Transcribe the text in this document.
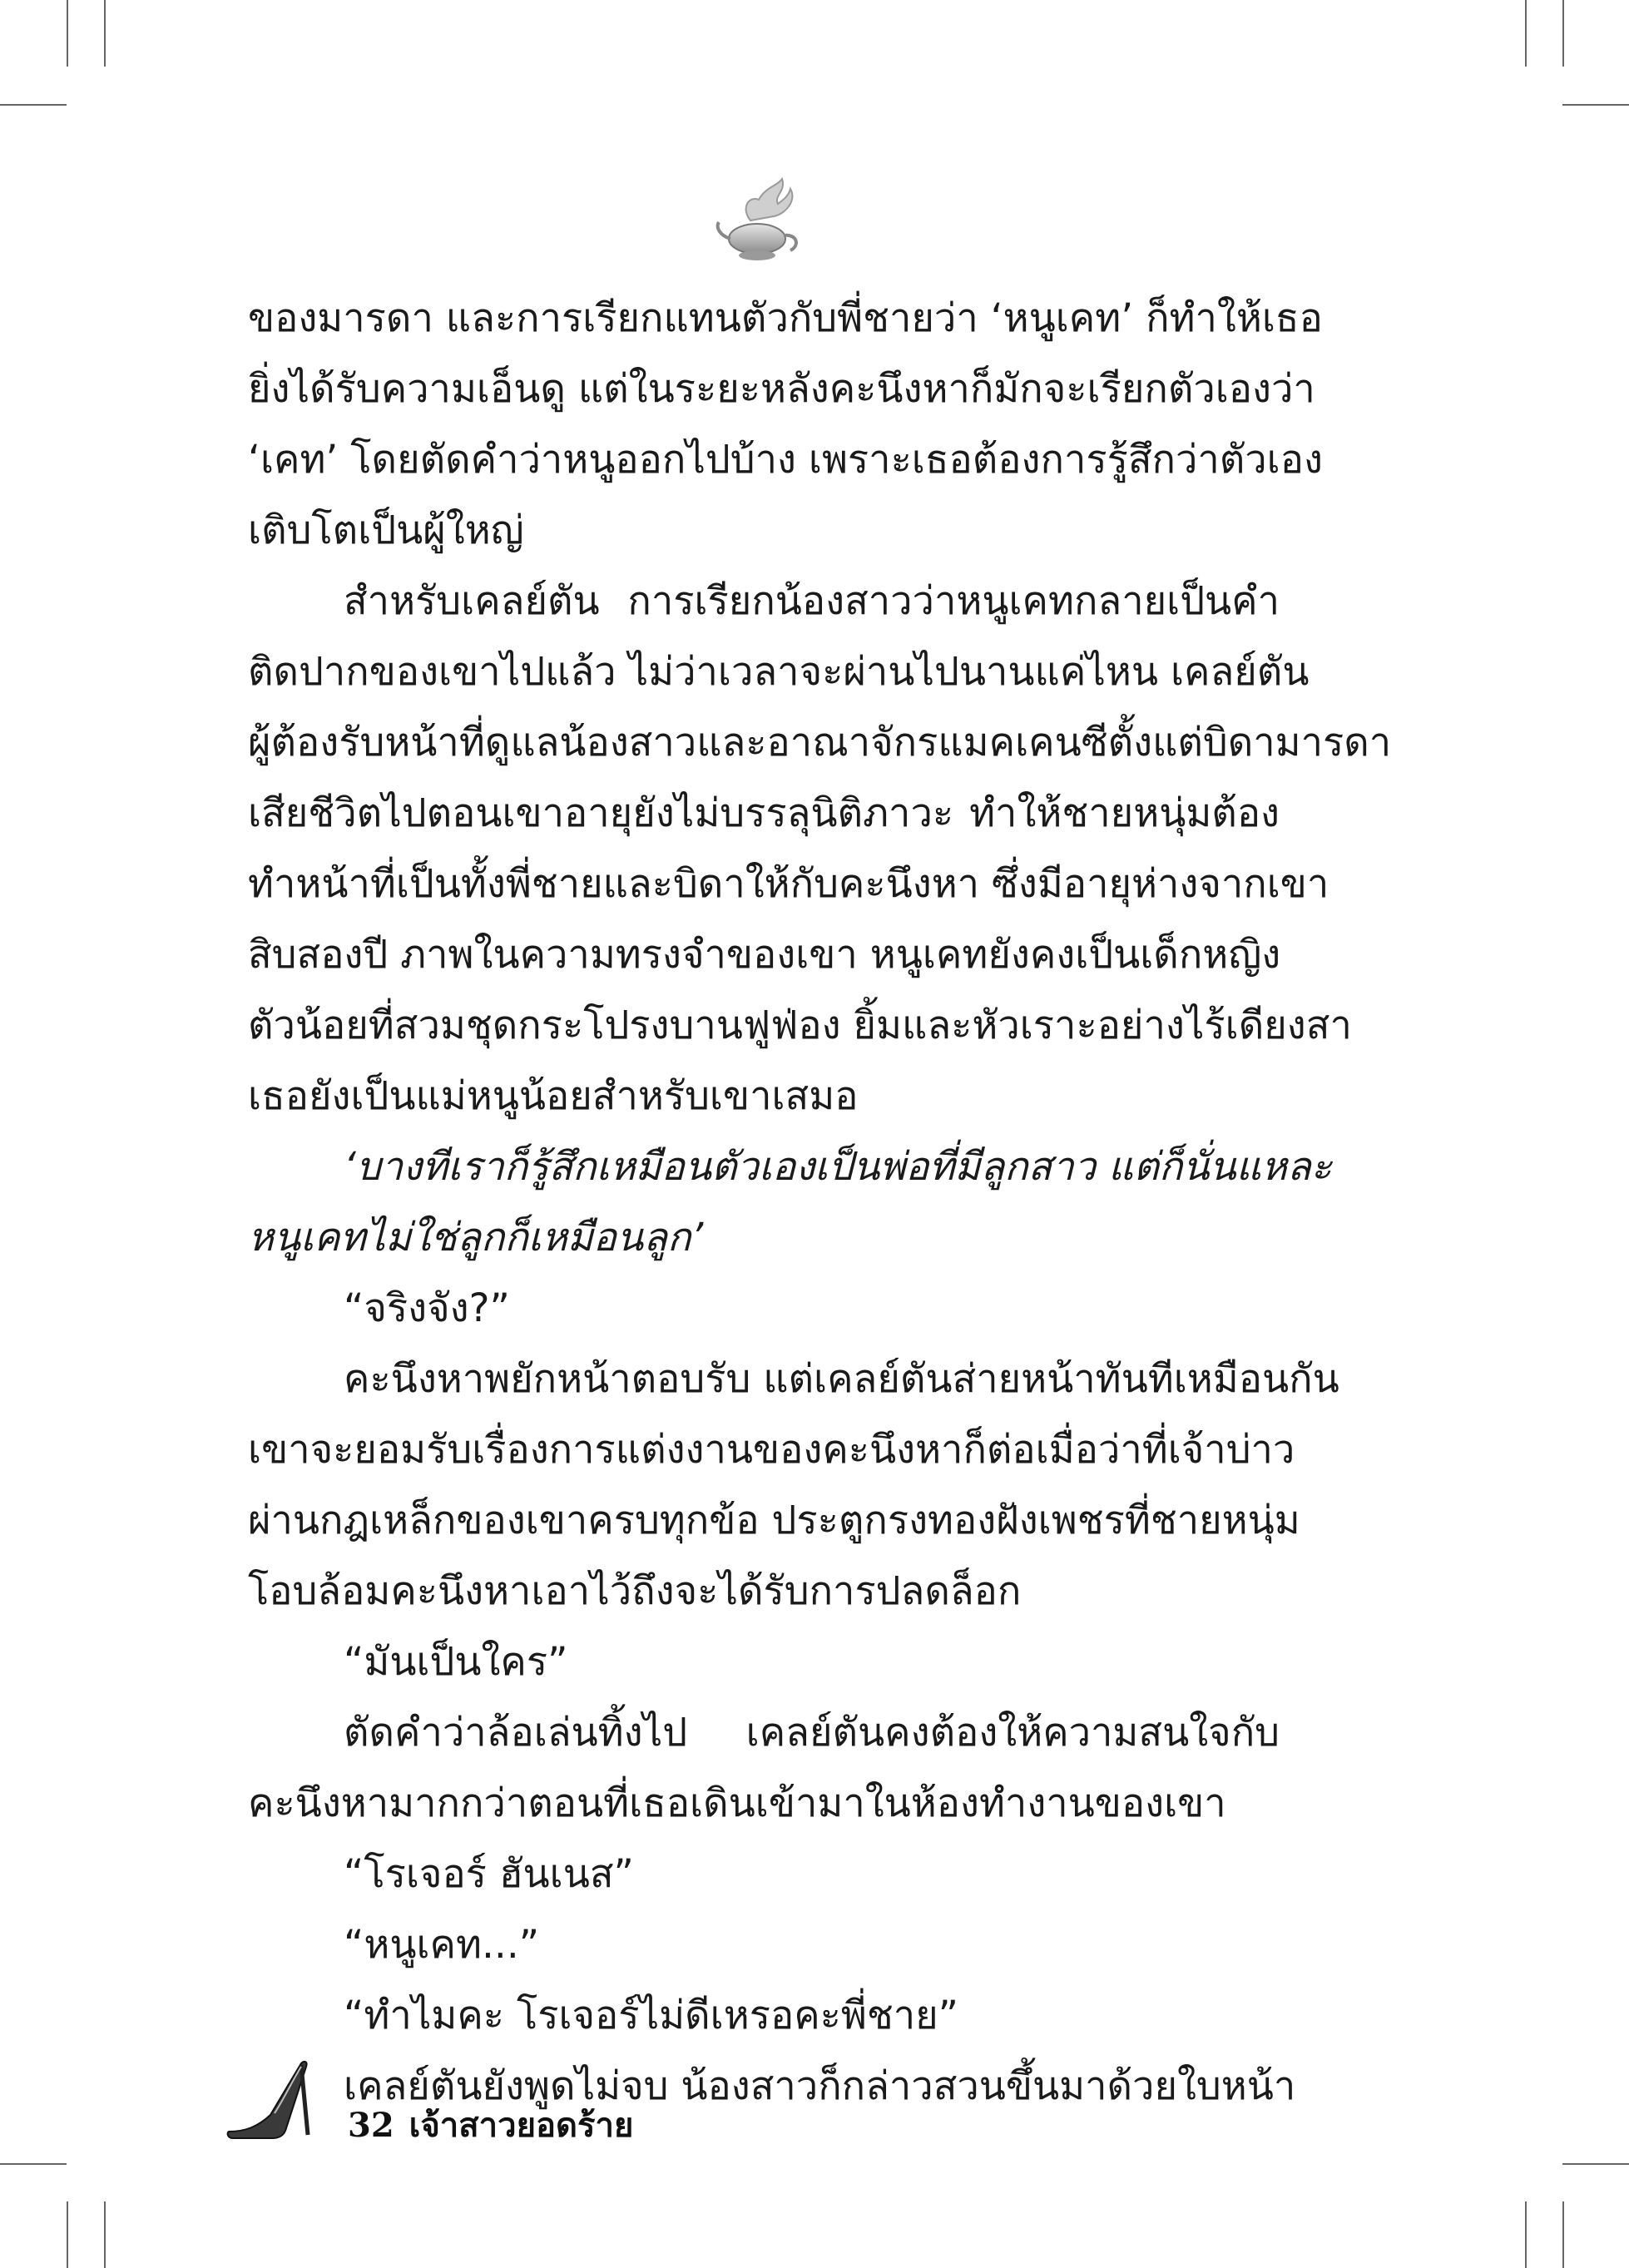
ของมารดา และการเรียกแทนตัวกับพี่ชายว่า ‘หนูเคท’ ก็ทำให้เธอ

ยิ่งได้รับความเอ็นดู แต่ในระยะหลังคะนึงหาก็มักจะเรียกตัวเองว่า

‘เคท’ โดยตัดคำว่าหนูออกไปบ้าง เพราะเธอต้องการรู้สึกว่าตัวเอง

เติบโตเป็นผู้ใหญ่

สำหรับเคลย์ตัน การเรียกน้องสาวว่าหนูเคทกลายเป็นคำ

ติดปากของเขาไปแล้ว ไม่ว่าเวลาจะผ่านไปนานแค่ไหน เคลย์ตัน

ผู้ต้องรับหน้าที่ดูแลน้องสาวและอาณาจักรแมคเคนซีตั้งแต่บิดามารดา

เสียชีวิตไปตอนเขาอายุยังไม่บรรลุนิติภาวะ ทำให้ชายหนุ่มต้อง

ทำหน้าที่เป็นทั้งพี่ชายและบิดาให้กับคะนึงหา ซึ่งมีอายุห่างจากเขา

สิบสองปี ภาพในความทรงจำของเขา หนูเคทยังคงเป็นเด็กหญิง

ตัวน้อยที่สวมชุดกระโปรงบานฟูฟ่อง ยิ้มและหัวเราะอย่างไร้เดียงสา

เธอยังเป็นแม่หนูน้อยสำหรับเขาเสมอ

‘บางทีเราก็รู้สึกเหมือนตัวเองเป็นพ่อที่มีลูกสาว แต่ก็นั่นแหละ

หนูเคทไม่ใช่ลูกก็เหมือนลูก’

“จริงจัง?”

คะนึงหาพยักหน้าตอบรับ แต่เคลย์ตันส่ายหน้าทันทีเหมือนกัน

เขาจะยอมรับเรื่องการแต่งงานของคะนึงหาก็ต่อเมื่อว่าที่เจ้าบ่าว

ผ่านกฎเหล็กของเขาครบทุกข้อ ประตูกรงทองฝังเพชรที่ชายหนุ่ม

โอบล้อมคะนึงหาเอาไว้ถึงจะได้รับการปลดล็อก

“มันเป็นใคร”

ตัดคำว่าล้อเล่นทิ้งไป เคลย์ตันคงต้องให้ความสนใจกับ

คะนึงหามากกว่าตอนที่เธอเดินเข้ามาในห้องทำงานของเขา

“โรเจอร์ ฮันเนส”

“หนูเคท...”

“ทำไมคะ โรเจอร์ไม่ดีเหรอคะพี่ชาย”

เคลย์ตันยังพูดไม่จบ น้องสาวก็กล่าวสวนขึ้นมาด้วยใบหน้า

32 เจ้าสาวยอดร้าย
